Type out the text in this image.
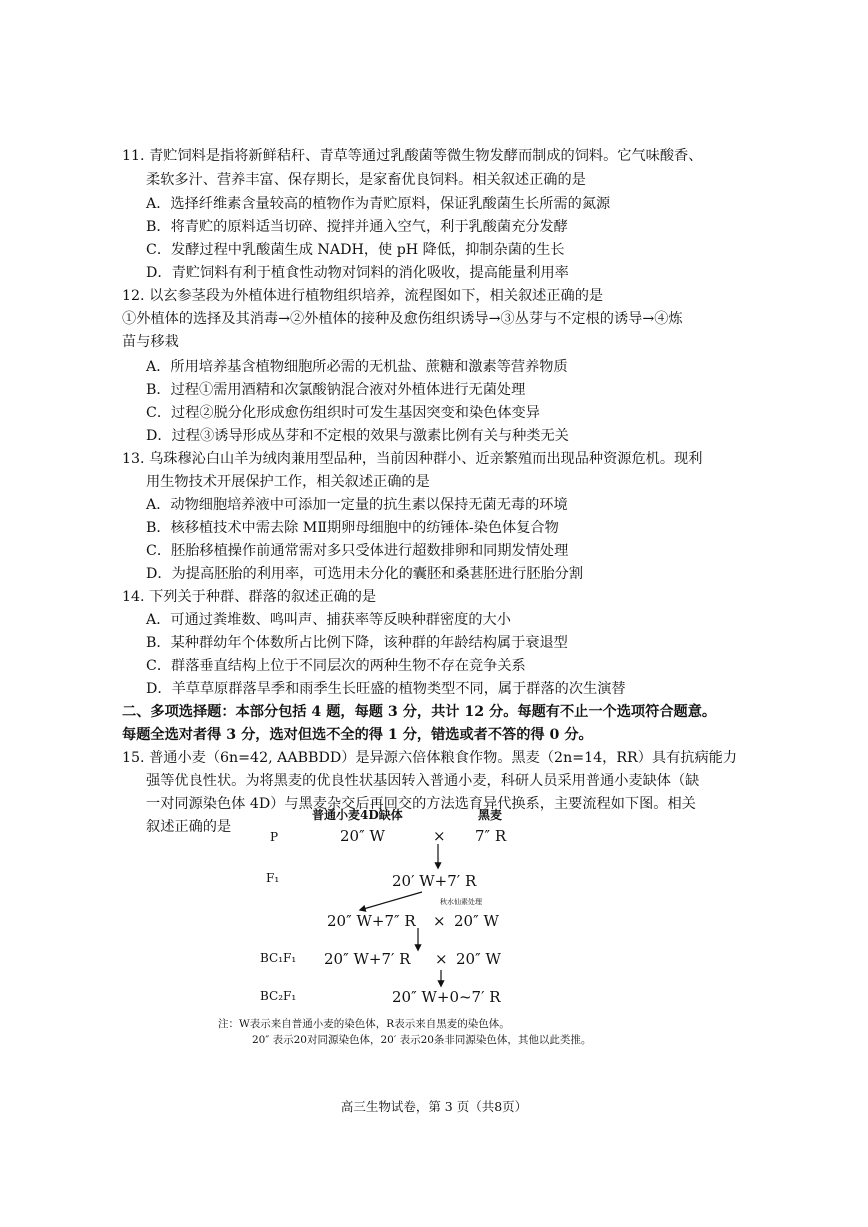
11. 青贮饲料是指将新鲜秸秆、青草等通过乳酸菌等微生物发酵而制成的饲料。它气味酸香、
柔软多汁、营养丰富、保存期长，是家畜优良饲料。相关叙述正确的是
A．选择纤维素含量较高的植物作为青贮原料，保证乳酸菌生长所需的氮源
B．将青贮的原料适当切碎、搅拌并通入空气，利于乳酸菌充分发酵
C．发酵过程中乳酸菌生成 NADH，使 pH 降低，抑制杂菌的生长
D．青贮饲料有利于植食性动物对饲料的消化吸收，提高能量利用率
12. 以玄参茎段为外植体进行植物组织培养，流程图如下，相关叙述正确的是
①外植体的选择及其消毒→②外植体的接种及愈伤组织诱导→③丛芽与不定根的诱导→④炼
苗与移栽
A．所用培养基含植物细胞所必需的无机盐、蔗糖和激素等营养物质
B．过程①需用酒精和次氯酸钠混合液对外植体进行无菌处理
C．过程②脱分化形成愈伤组织时可发生基因突变和染色体变异
D．过程③诱导形成丛芽和不定根的效果与激素比例有关与种类无关
13. 乌珠穆沁白山羊为绒肉兼用型品种，当前因种群小、近亲繁殖而出现品种资源危机。现利
用生物技术开展保护工作，相关叙述正确的是
A．动物细胞培养液中可添加一定量的抗生素以保持无菌无毒的环境
B．核移植技术中需去除 MⅡ期卵母细胞中的纺锤体-染色体复合物
C．胚胎移植操作前通常需对多只受体进行超数排卵和同期发情处理
D．为提高胚胎的利用率，可选用未分化的囊胚和桑葚胚进行胚胎分割
14. 下列关于种群、群落的叙述正确的是
A．可通过粪堆数、鸣叫声、捕获率等反映种群密度的大小
B．某种群幼年个体数所占比例下降，该种群的年龄结构属于衰退型
C．群落垂直结构上位于不同层次的两种生物不存在竞争关系
D．羊草草原群落旱季和雨季生长旺盛的植物类型不同，属于群落的次生演替
二、多项选择题：本部分包括 4 题，每题 3 分，共计 12 分。每题有不止一个选项符合题意。
每题全选对者得 3 分，选对但选不全的得 1 分，错选或者不答的得 0 分。
15. 普通小麦（6n=42, AABBDD）是异源六倍体粮食作物。黑麦（2n=14，RR）具有抗病能力
强等优良性状。为将黑麦的优良性状基因转入普通小麦，科研人员采用普通小麦缺体（缺
一对同源染色体 4D）与黑麦杂交后再回交的方法选育异代换系，主要流程如下图。相关
叙述正确的是
普通小麦4D缺体	黑麦
P	20″ W	× 7″ R
F₁	20′ W+7′ R
秋水仙素处理
20″ W+7″ R × 20″ W
BC₁F₁ 20″ W+7′ R × 20″ W
BC₂F₁	20″ W+0~7′ R
注：W表示来自普通小麦的染色体，R表示来自黑麦的染色体。
20″ 表示20对同源染色体，20′ 表示20条非同源染色体，其他以此类推。
高三生物试卷，第 3 页（共8页）
